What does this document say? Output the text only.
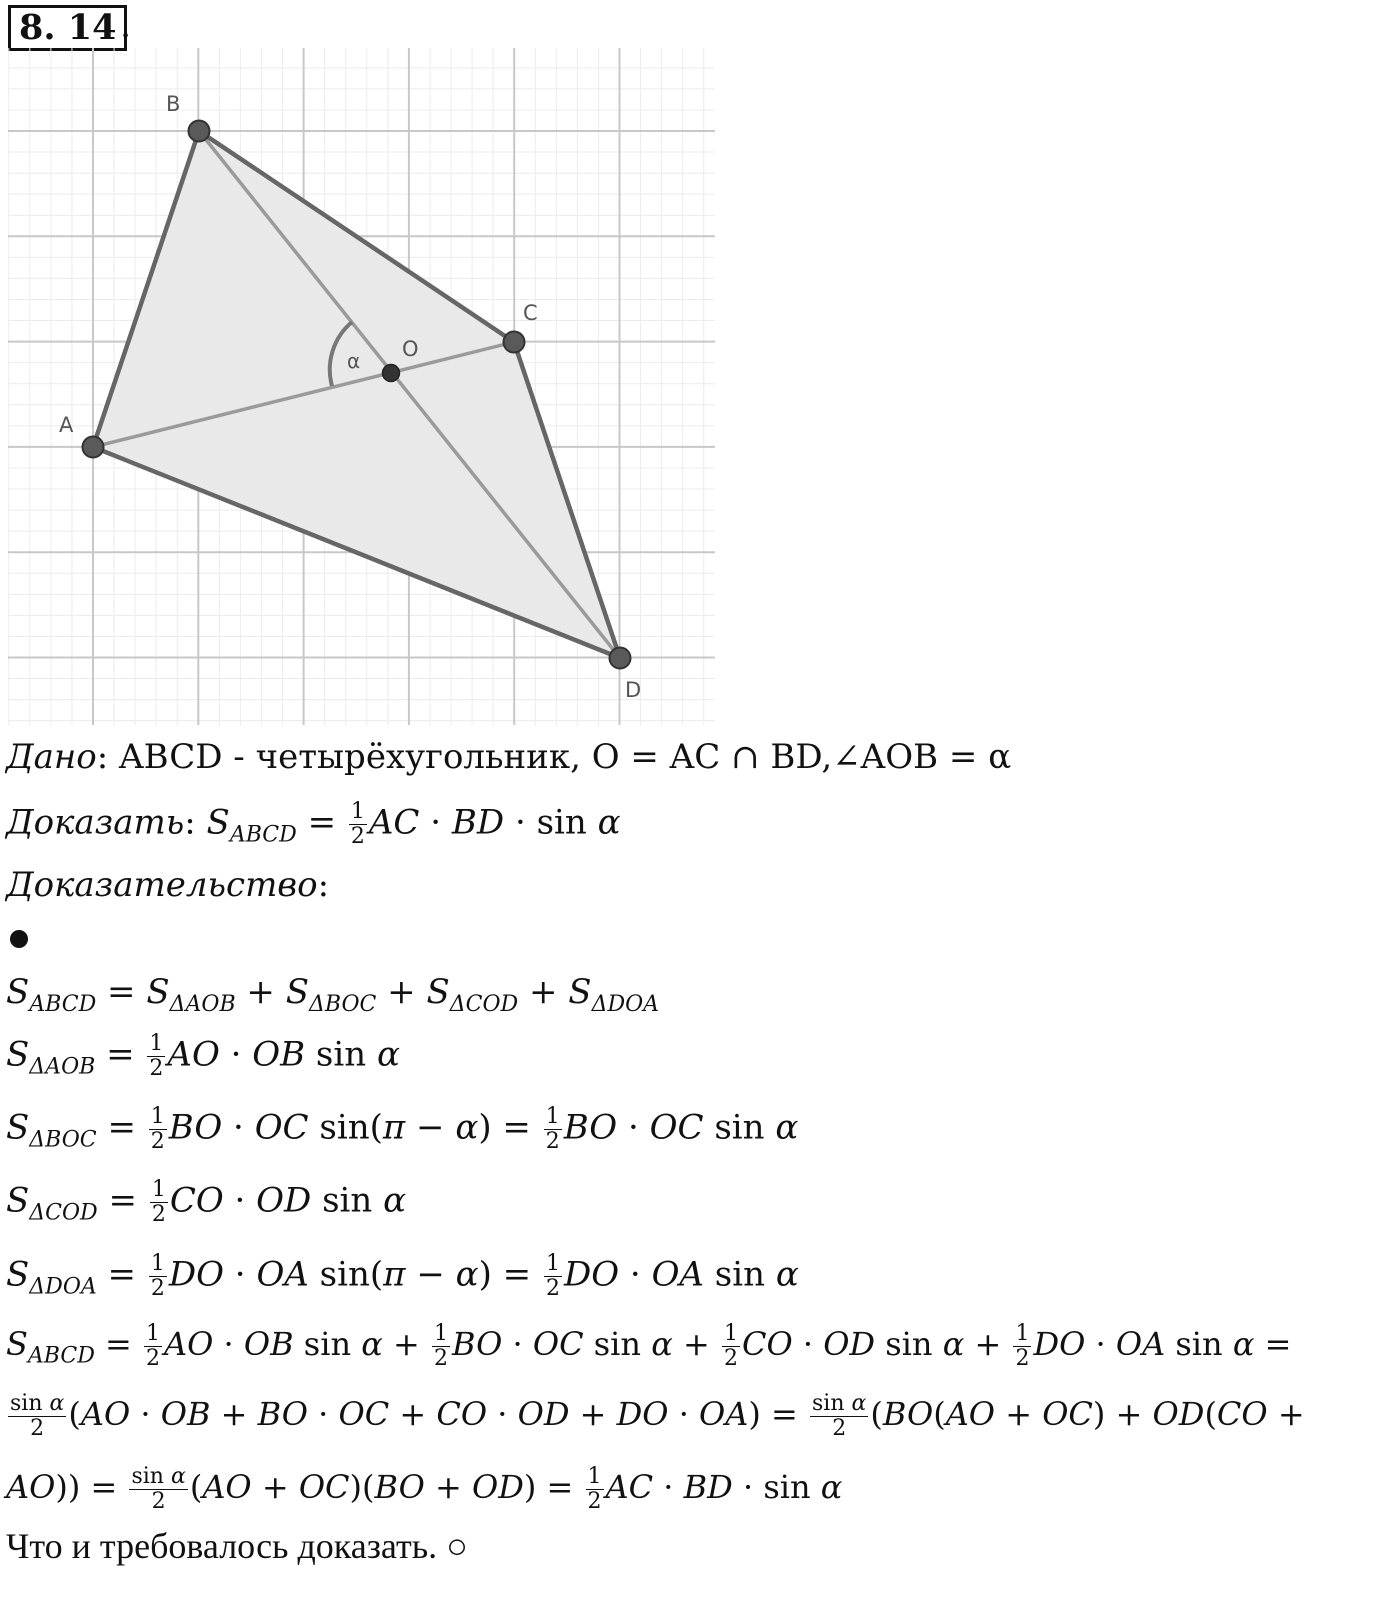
8. 14 .
α
A
B
C
D
O
Дано: ABCD - четырёхугольник, O = AC ∩ BD,∠AOB = α
Доказать: $S_{ABCD} = \frac{1}{2}$ AC · BD · sin α
Доказательство:
$S_{ABCD} = S_{\Delta AOB} + S_{\Delta BOC} + S_{\Delta COD} + S_{\Delta DOA}$
$S_{\Delta AOB} = \frac{1}{2}$ AO · OB sin α
$S_{\Delta BOC} = \frac{1}{2}$ BO · OC $\sin(\pi - \alpha) = \frac{1}{2}$ BO · OC sin α
$S_{\Delta COD} = \frac{1}{2}$ CO · OD sin α
$S_{\Delta DOA} = \frac{1}{2}$ DO · OA $\sin(\pi - \alpha) = \frac{1}{2}$ DO · OA sin α
$S_{ABCD} = \frac{1}{2}$ AO · OB $\sin \alpha + \frac{1}{2}$ BO · OC $\sin \alpha + \frac{1}{2}$ CO · OD $\sin \alpha + \frac{1}{2}$ DO · OA sin α =
$\frac{\text{sin α}}{2} (AO$ · OB + BO · OC + CO · OD + DO · $OA) = \frac{\text{sin α}}{2} (BO(AO + OC) + OD(CO$ +
$AO)) = \frac{\text{sin α}}{2} (AO + OC)(BO + OD) = \frac{1}{2}$ AC · BD · sin α
Что и требовалось доказать. ○
